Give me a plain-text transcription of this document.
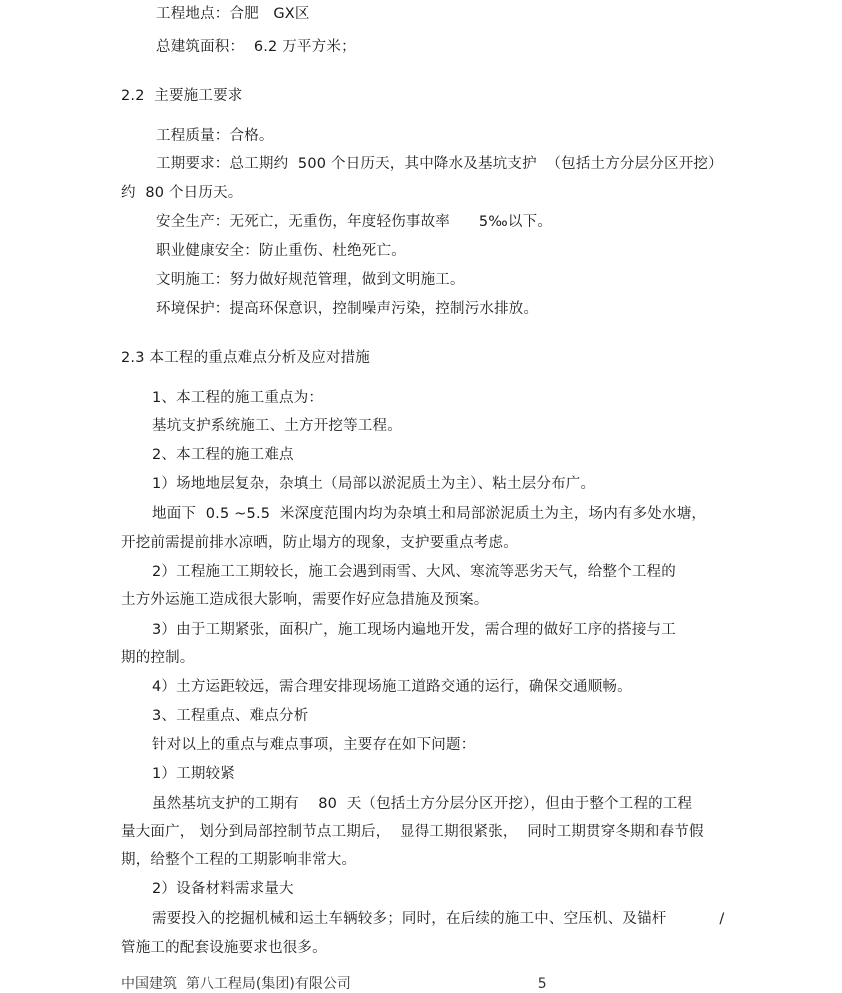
工程地点：合肥   GX区
总建筑面积：  6.2 万平方米；
2.2  主要施工要求
工程质量：合格。
工期要求：总工期约  500 个日历天，其中降水及基坑支护  （包括土方分层分区开挖）
约  80 个日历天。
安全生产：无死亡，无重伤，年度轻伤事故率      5‰以下。
职业健康安全：防止重伤、杜绝死亡。
文明施工：努力做好规范管理，做到文明施工。
环境保护：提高环保意识，控制噪声污染，控制污水排放。
2.3 本工程的重点难点分析及应对措施
1、本工程的施工重点为：
基坑支护系统施工、土方开挖等工程。
2、本工程的施工难点
1）场地地层复杂，杂填土（局部以淤泥质土为主）、粘土层分布广。
地面下  0.5 ~5.5  米深度范围内均为杂填土和局部淤泥质土为主，场内有多处水塘，
开挖前需提前排水凉晒，防止塌方的现象，支护要重点考虑。
2）工程施工工期较长，施工会遇到雨雪、大风、寒流等恶劣天气，给整个工程的
土方外运施工造成很大影响，需要作好应急措施及预案。
3）由于工期紧张，面积广，施工现场内遍地开发，需合理的做好工序的搭接与工
期的控制。
4）土方运距较远，需合理安排现场施工道路交通的运行，确保交通顺畅。
3、工程重点、难点分析
针对以上的重点与难点事项，主要存在如下问题：
1）工期较紧
虽然基坑支护的工期有    80  天（包括土方分层分区开挖），但由于整个工程的工程
量大面广， 划分到局部控制节点工期后，  显得工期很紧张，  同时工期贯穿冬期和春节假
期，给整个工程的工期影响非常大。
2）设备材料需求量大
需要投入的挖掘机械和运土车辆较多；同时，在后续的施工中、空压机、及锚杆           /
管施工的配套设施要求也很多。
中国建筑  第八工程局(集团)有限公司                                          5
